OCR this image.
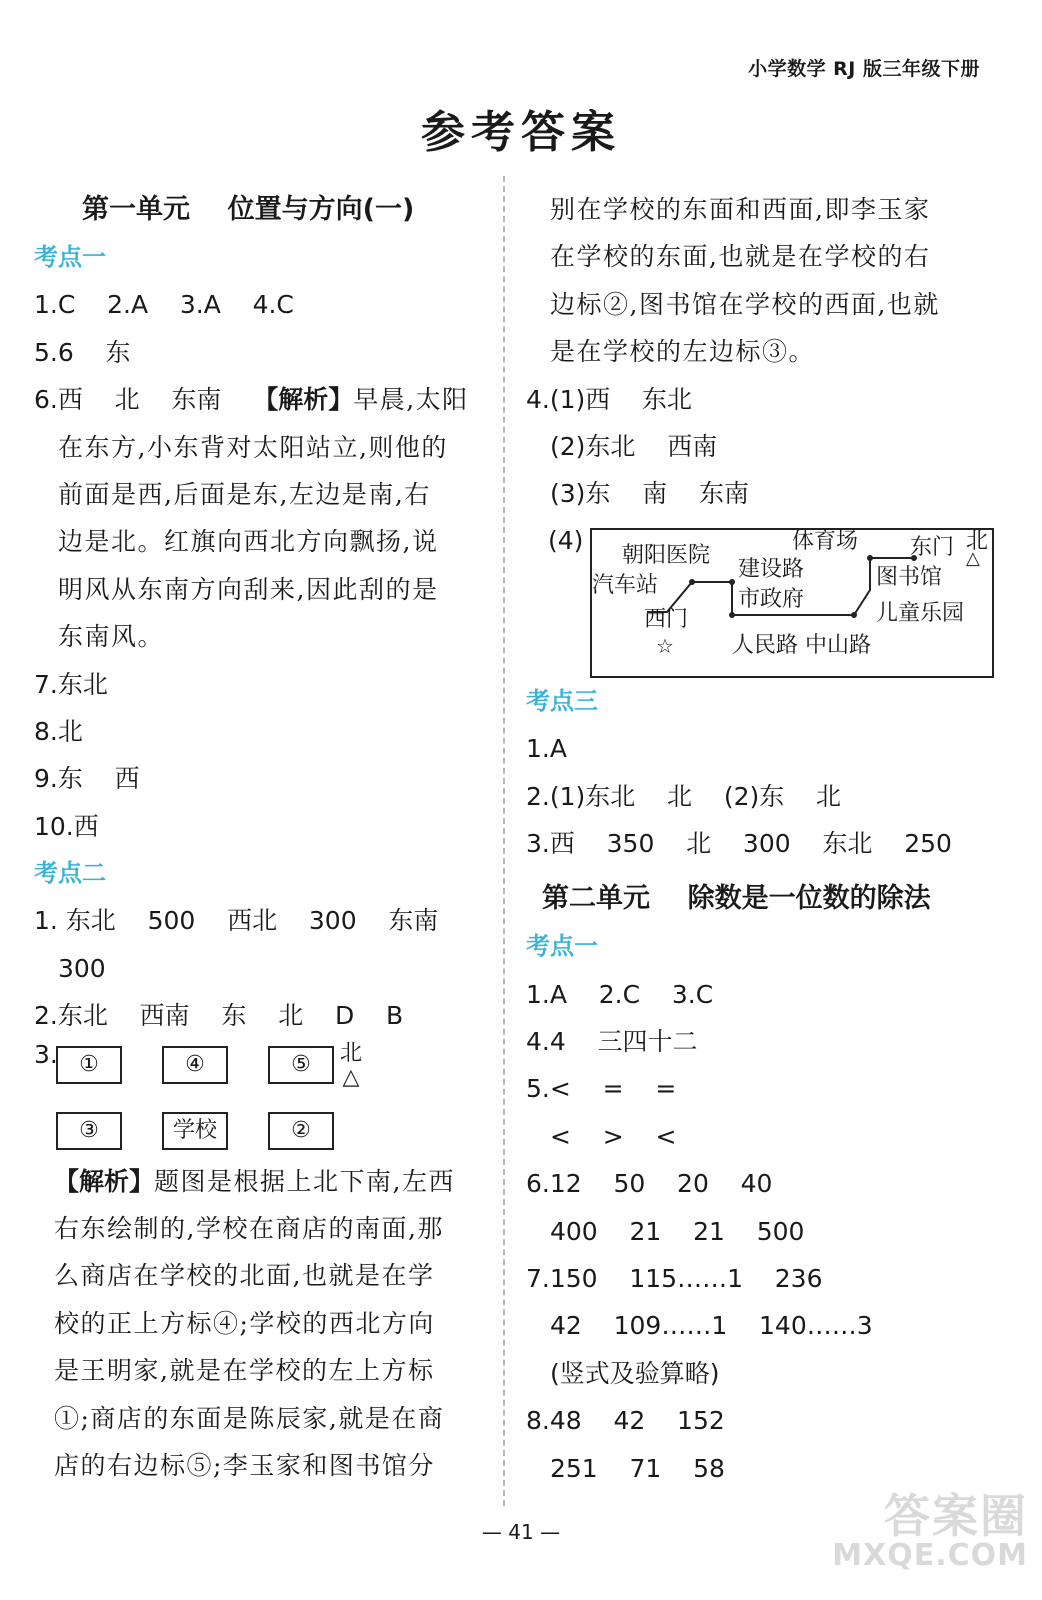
小学数学 RJ 版三年级下册
参考答案
第一单元    位置与方向(一)
考点一
1.C    2.A    3.A    4.C
5.6    东
6.西    北    东南    【解析】早晨,太阳
在东方,小东背对太阳站立,则他的
前面是西,后面是东,左边是南,右
边是北。红旗向西北方向飘扬,说
明风从东南方向刮来,因此刮的是
东南风。
7.东北
8.北
9.东    西
10.西
考点二
1. 东北    500    西北    300    东南
300
2.东北    西南    东    北    D    B
3. ①	④	⑤	北
△
③	学校	②
【解析】题图是根据上北下南,左西
右东绘制的,学校在商店的南面,那
么商店在学校的北面,也就是在学
校的正上方标④;学校的西北方向
是王明家,就是在学校的左上方标
①;商店的东面是陈辰家,就是在商
店的右边标⑤;李玉家和图书馆分
别在学校的东面和西面,即李玉家
在学校的东面,也就是在学校的右
边标②,图书馆在学校的西面,也就
是在学校的左边标③。
4.(1)西    东北
(2)东北    西南
(3)东    南    东南
(4)
朝阳医院
体育场 东门 北
△
汽车站
建设路	图书馆
市政府
西门	儿童乐园
☆	人民路 中山路
考点三
1.A
2.(1)东北    北    (2)东    北
3.西    350    北    300    东北    250
第二单元    除数是一位数的除法
考点一
1.A    2.C    3.C
4.4    三四十二
5.<    =    =
<    >    <
6.12    50    20    40
400    21    21    500
7.150    115……1    236
42    109……1    140……3
(竖式及验算略)
8.48    42    152
251    71    58
— 41 —	答案圈
MXQE.COM
